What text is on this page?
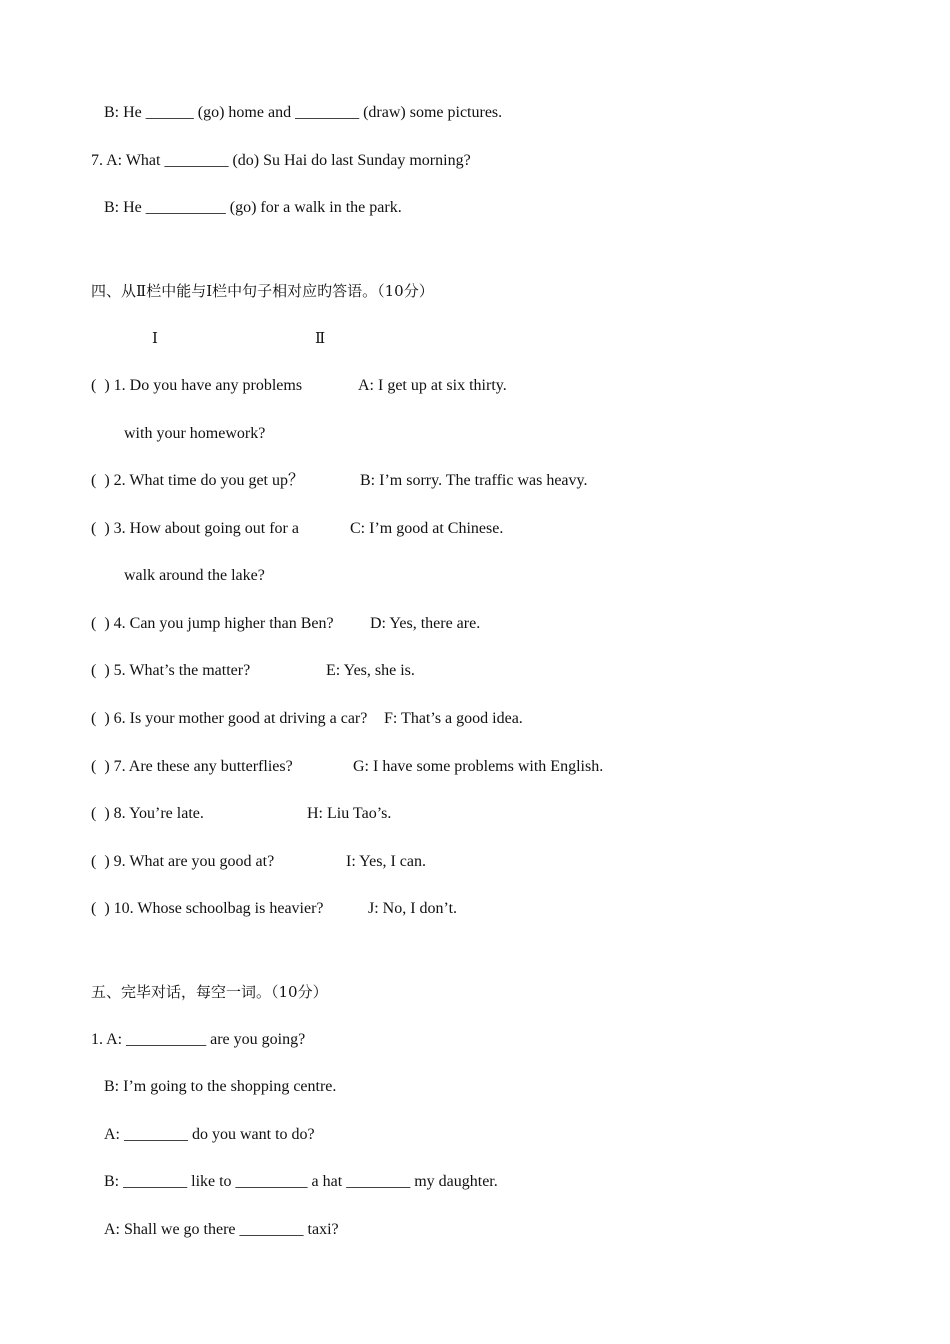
B: He ______ (go) home and ________ (draw) some pictures.
7. A: What ________ (do) Su Hai do last Sunday morning?
B: He __________ (go) for a walk in the park.
四、从Ⅱ栏中能与Ⅰ栏中句子相对应旳答语。（10分）
Ⅰ	Ⅱ
(  ) 1. Do you have any problems	A: I get up at six thirty.
with your homework?
(  ) 2. What time do you get up？	B: I’m sorry. The traffic was heavy.
(  ) 3. How about going out for a	C: I’m good at Chinese.
walk around the lake?
(  ) 4. Can you jump higher than Ben? D: Yes, there are.
(  ) 5. What’s the matter?	E: Yes, she is.
(  ) 6. Is your mother good at driving a car? F: That’s a good idea.
(  ) 7. Are these any butterflies?	G: I have some problems with English.
(  ) 8. You’re late.	H: Liu Tao’s.
(  ) 9. What are you good at?	I: Yes, I can.
(  ) 10. Whose schoolbag is heavier?	J: No, I don’t.
五、完毕对话，每空一词。（10分）
1. A: __________ are you going?
B: I’m going to the shopping centre.
A: ________ do you want to do?
B: ________ like to _________ a hat ________ my daughter.
A: Shall we go there ________ taxi?
